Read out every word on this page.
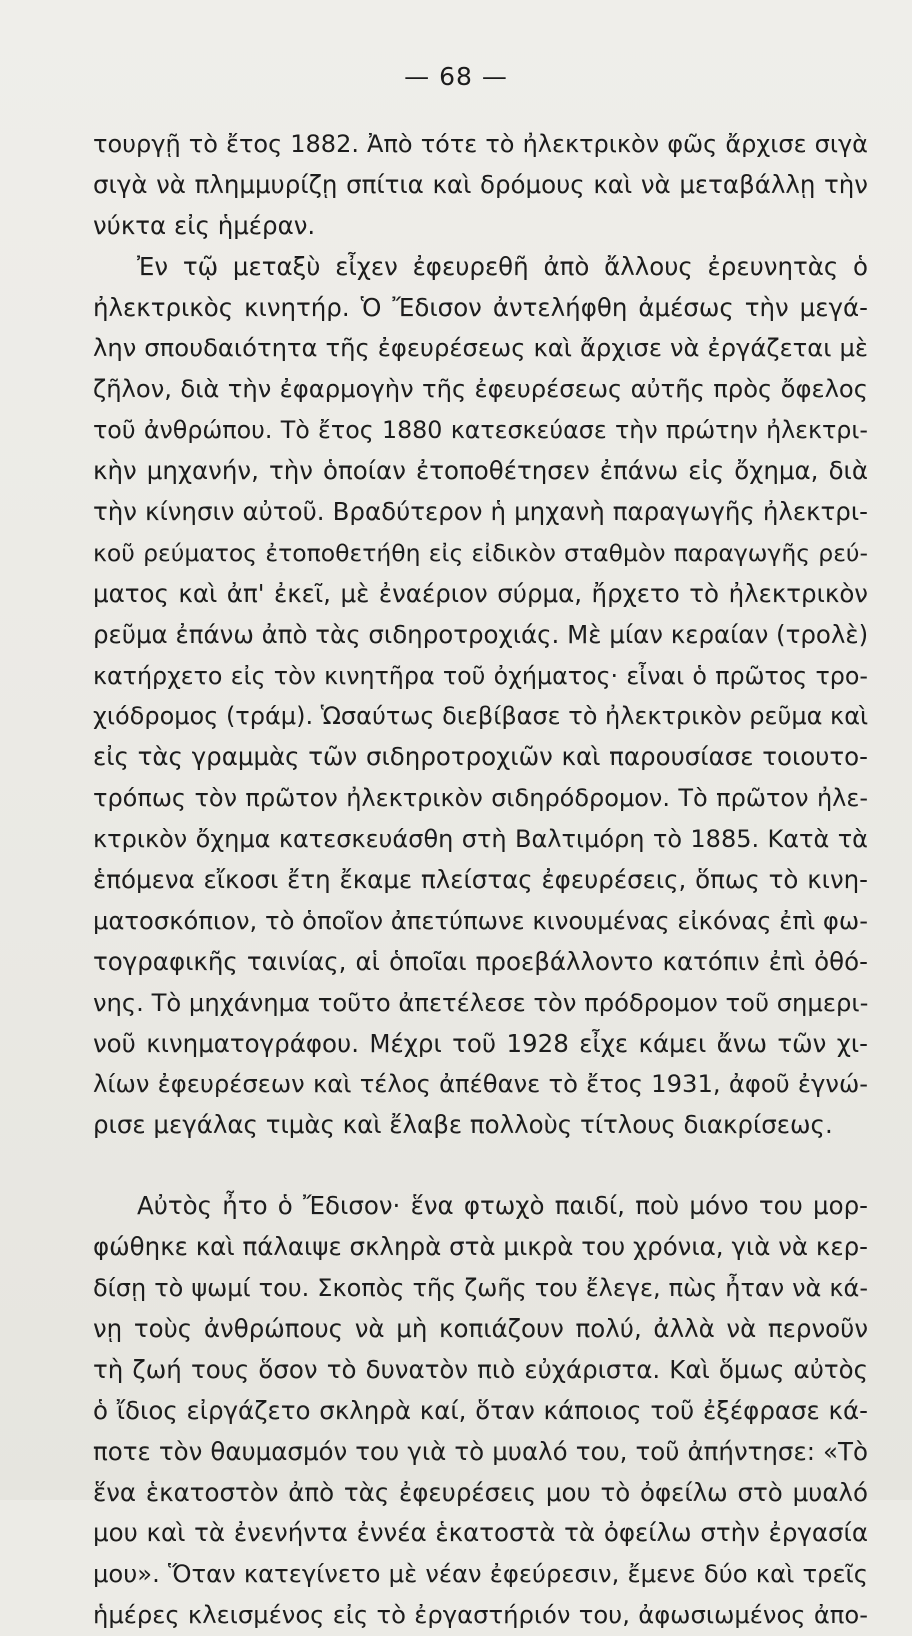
— 68 —
τουργῇ τὸ ἔτος 1882. Ἀπὸ τότε τὸ ἠλεκτρικὸν φῶς ἄρχισε σιγὰ
σιγὰ νὰ πλημμυρίζῃ σπίτια καὶ δρόμους καὶ νὰ μεταβάλλῃ τὴν
νύκτα εἰς ἡμέραν.
Ἐν τῷ μεταξὺ εἶχεν ἐφευρεθῆ ἀπὸ ἄλλους ἐρευνητὰς ὁ
ἠλεκτρικὸς κινητήρ. Ὁ Ἔδισον ἀντελήφθη ἀμέσως τὴν μεγά-
λην σπουδαιότητα τῆς ἐφευρέσεως καὶ ἄρχισε νὰ ἐργάζεται μὲ
ζῆλον, διὰ τὴν ἐφαρμογὴν τῆς ἐφευρέσεως αὐτῆς πρὸς ὄφελος
τοῦ ἀνθρώπου. Τὸ ἔτος 1880 κατεσκεύασε τὴν πρώτην ἠλεκτρι-
κὴν μηχανήν, τὴν ὁποίαν ἐτοποθέτησεν ἐπάνω εἰς ὄχημα, διὰ
τὴν κίνησιν αὐτοῦ. Βραδύτερον ἡ μηχανὴ παραγωγῆς ἠλεκτρι-
κοῦ ρεύματος ἐτοποθετήθη εἰς εἰδικὸν σταθμὸν παραγωγῆς ρεύ-
ματος καὶ ἀπ' ἐκεῖ, μὲ ἐναέριον σύρμα, ἤρχετο τὸ ἠλεκτρικὸν
ρεῦμα ἐπάνω ἀπὸ τὰς σιδηροτροχιάς. Μὲ μίαν κεραίαν (τρολὲ)
κατήρχετο εἰς τὸν κινητῆρα τοῦ ὀχήματος· εἶναι ὁ πρῶτος τρο-
χιόδρομος (τράμ). Ὡσαύτως διεβίβασε τὸ ἠλεκτρικὸν ρεῦμα καὶ
εἰς τὰς γραμμὰς τῶν σιδηροτροχιῶν καὶ παρουσίασε τοιουτο-
τρόπως τὸν πρῶτον ἠλεκτρικὸν σιδηρόδρομον. Τὸ πρῶτον ἠλε-
κτρικὸν ὄχημα κατεσκευάσθη στὴ Βαλτιμόρη τὸ 1885. Κατὰ τὰ
ἑπόμενα εἴκοσι ἔτη ἔκαμε πλείστας ἐφευρέσεις, ὅπως τὸ κινη-
ματοσκόπιον, τὸ ὁποῖον ἀπετύπωνε κινουμένας εἰκόνας ἐπὶ φω-
τογραφικῆς ταινίας, αἱ ὁποῖαι προεβάλλοντο κατόπιν ἐπὶ ὀθό-
νης. Τὸ μηχάνημα τοῦτο ἀπετέλεσε τὸν πρόδρομον τοῦ σημερι-
νοῦ κινηματογράφου. Μέχρι τοῦ 1928 εἶχε κάμει ἄνω τῶν χι-
λίων ἐφευρέσεων καὶ τέλος ἀπέθανε τὸ ἔτος 1931, ἀφοῦ ἐγνώ-
ρισε μεγάλας τιμὰς καὶ ἔλαβε πολλοὺς τίτλους διακρίσεως.
Αὐτὸς ἦτο ὁ Ἔδισον· ἕνα φτωχὸ παιδί, ποὺ μόνο του μορ-
φώθηκε καὶ πάλαιψε σκληρὰ στὰ μικρὰ του χρόνια, γιὰ νὰ κερ-
δίσῃ τὸ ψωμί του. Σκοπὸς τῆς ζωῆς του ἔλεγε, πὼς ἦταν νὰ κά-
νῃ τοὺς ἀνθρώπους νὰ μὴ κοπιάζουν πολύ, ἀλλὰ νὰ περνοῦν
τὴ ζωή τους ὅσον τὸ δυνατὸν πιὸ εὐχάριστα. Καὶ ὅμως αὐτὸς
ὁ ἴδιος εἰργάζετο σκληρὰ καί, ὅταν κάποιος τοῦ ἐξέφρασε κά-
ποτε τὸν θαυμασμόν του γιὰ τὸ μυαλό του, τοῦ ἀπήντησε: «Τὸ
ἕνα ἑκατοστὸν ἀπὸ τὰς ἐφευρέσεις μου τὸ ὀφείλω στὸ μυαλό
μου καὶ τὰ ἐνενήντα ἐννέα ἑκατοστὰ τὰ ὀφείλω στὴν ἐργασία
μου». Ὅταν κατεγίνετο μὲ νέαν ἐφεύρεσιν, ἔμενε δύο καὶ τρεῖς
ἡμέρες κλεισμένος εἰς τὸ ἐργαστήριόν του, ἀφωσιωμένος ἀπο-
